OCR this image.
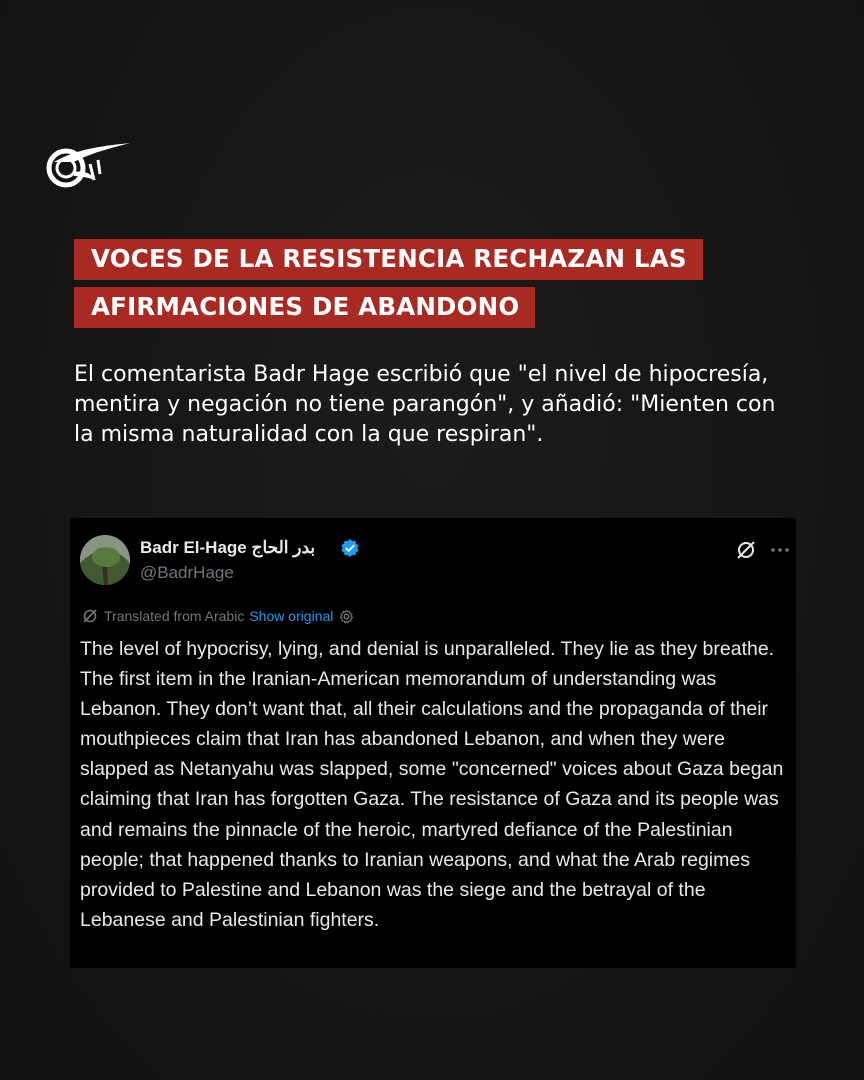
VOCES DE LA RESISTENCIA RECHAZAN LAS
AFIRMACIONES DE ABANDONO
El comentarista Badr Hage escribió que "el nivel de hipocresía, mentira y negación no tiene parangón", y añadió: "Mienten con la misma naturalidad con la que respiran".
Badr El-Hage بدر الحاج
@BadrHage
Translated from Arabic Show original
The level of hypocrisy, lying, and denial is unparalleled. They lie as they breathe. The first item in the Iranian-American memorandum of understanding was Lebanon. They don’t want that, all their calculations and the propaganda of their mouthpieces claim that Iran has abandoned Lebanon, and when they were slapped as Netanyahu was slapped, some "concerned" voices about Gaza began claiming that Iran has forgotten Gaza. The resistance of Gaza and its people was and remains the pinnacle of the heroic, martyred defiance of the Palestinian people; that happened thanks to Iranian weapons, and what the Arab regimes provided to Palestine and Lebanon was the siege and the betrayal of the Lebanese and Palestinian fighters.
